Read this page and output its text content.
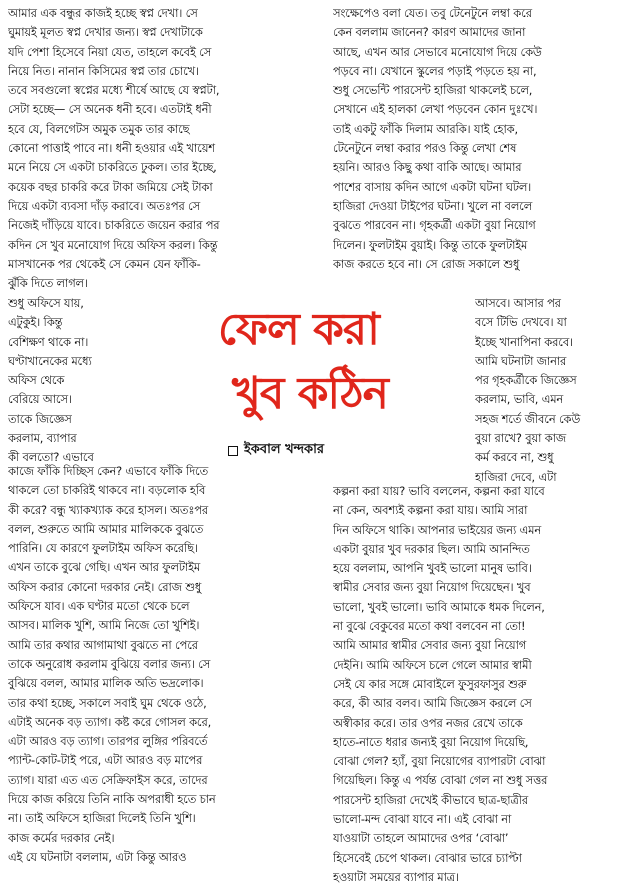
আমার এক বন্ধুর কাজই হচ্ছে স্বপ্ন দেখা। সে
ঘুমায়ই মূলত স্বপ্ন দেখার জন্য। স্বপ্ন দেখাটাকে
যদি পেশা হিসেবে নিয়া যেত, তাহলে কবেই সে
নিয়ে নিত। নানান কিসিমের স্বপ্ন তার চোখে।
তবে সবগুলো স্বপ্নের মধ্যে শীর্ষে আছে যে স্বপ্নটা,
সেটা হচ্ছে— সে অনেক ধনী হবে। এতটাই ধনী
হবে যে, বিলগেটস অমুক তমুক তার কাছে
কোনো পাত্তাই পাবে না। ধনী হওয়ার এই খায়েশ
মনে নিয়ে সে একটা চাকরিতে ঢুকল। তার ইচ্ছে,
কয়েক বছর চাকরি করে টাকা জমিয়ে সেই টাকা
দিয়ে একটা ব্যবসা দাঁড় করাবে। অতঃপর সে
নিজেই দাঁড়িয়ে যাবে। চাকরিতে জয়েন করার পর
কদিন সে খুব মনোযোগ দিয়ে অফিস করল। কিন্তু
মাসখানেক পর থেকেই সে কেমন যেন ফাঁকি-
ঝুঁকি দিতে লাগল।
শুধু অফিসে যায়,
এটুকুই। কিন্তু
বেশিক্ষণ থাকে না।
ঘণ্টাখানেকের মধ্যে
অফিস থেকে
বেরিয়ে আসে।
তাকে জিজ্ঞেস
করলাম, ব্যাপার
কী বলতো? এভাবে
কাজে ফাঁকি দিচ্ছিস কেন? এভাবে ফাঁকি দিতে
থাকলে তো চাকরিই থাকবে না। বড়লোক হবি
কী করে? বন্ধু খ্যাকখ্যাক করে হাসল। অতঃপর
বলল, শুরুতে আমি আমার মালিককে বুঝতে
পারিনি। যে কারণে ফুলটাইম অফিস করেছি।
এখন তাকে বুঝে গেছি। এখন আর ফুলটাইম
অফিস করার কোনো দরকার নেই। রোজ শুধু
অফিসে যাব। এক ঘণ্টার মতো থেকে চলে
আসব। মালিক খুশি, আমি নিজে তো খুশিই।
আমি তার কথার আগামাথা বুঝতে না পেরে
তাকে অনুরোধ করলাম বুঝিয়ে বলার জন্য। সে
বুঝিয়ে বলল, আমার মালিক অতি ভদ্রলোক।
তার কথা হচ্ছে, সকালে সবাই ঘুম থেকে ওঠে,
এটাই অনেক বড় ত্যাগ। কষ্ট করে গোসল করে,
এটা আরও বড় ত্যাগ। তারপর লুঙ্গির পরিবর্তে
প্যান্ট-কোট-টাই পরে, এটা আরও বড় মাপের
ত্যাগ। যারা এত এত সেক্রিফাইস করে, তাদের
দিয়ে কাজ করিয়ে তিনি নাকি অপরাধী হতে চান
না। তাই অফিসে হাজিরা দিলেই তিনি খুশি।
কাজ কর্মের দরকার নেই।
এই যে ঘটনাটা বললাম, এটা কিন্তু আরও
সংক্ষেপেও বলা যেত। তবু টেনেটুনে লম্বা করে
কেন বললাম জানেন? কারণ আমাদের জানা
আছে, এখন আর সেভাবে মনোযোগ দিয়ে কেউ
পড়বে না। যেখানে স্কুলের পড়াই পড়তে হয় না,
শুধু সেভেন্টি পারসেন্ট হাজিরা থাকলেই চলে,
সেখানে এই হালকা লেখা পড়বেন কোন দুঃখে।
তাই একটু ফাঁকি দিলাম আরকি। যাই হোক,
টেনেটুনে লম্বা করার পরও কিন্তু লেখা শেষ
হয়নি। আরও কিছু কথা বাকি আছে। আমার
পাশের বাসায় কদিন আগে একটা ঘটনা ঘটল।
হাজিরা দেওয়া টাইপের ঘটনা। খুলে না বললে
বুঝতে পারবেন না। গৃহকর্ত্রী একটা বুয়া নিয়োগ
দিলেন। ফুলটাইম বুয়াই। কিন্তু তাকে ফুলটাইম
কাজ করতে হবে না। সে রোজ সকালে শুধু
আসবে। আসার পর
বসে টিভি দেখবে। যা
ইচ্ছে খানাপিনা করবে।
আমি ঘটনাটা জানার
পর গৃহকর্ত্রীকে জিজ্ঞেস
করলাম, ভাবি, এমন
সহজ শর্তে জীবনে কেউ
বুয়া রাখে? বুয়া কাজ
কর্ম করবে না, শুধু
হাজিরা দেবে, এটা
কল্পনা করা যায়? ভাবি বললেন, কল্পনা করা যাবে
না কেন, অবশ্যই কল্পনা করা যায়। আমি সারা
দিন অফিসে থাকি। আপনার ভাইয়ের জন্য এমন
একটা বুয়ার খুব দরকার ছিল। আমি আনন্দিত
হয়ে বললাম, আপনি খুবই ভালো মানুষ ভাবি।
স্বামীর সেবার জন্য বুয়া নিয়োগ দিয়েছেন। খুব
ভালো, খুবই ভালো। ভাবি আমাকে ধমক দিলেন,
না বুঝে বেকুবের মতো কথা বলবেন না তো!
আমি আমার স্বামীর সেবার জন্য বুয়া নিয়োগ
দেইনি। আমি অফিসে চলে গেলে আমার স্বামী
সেই যে কার সঙ্গে মোবাইলে ফুসুরফাসুর শুরু
করে, কী আর বলব। আমি জিজ্ঞেস করলে সে
অস্বীকার করে। তার ওপর নজর রেখে তাকে
হাতে-নাতে ধরার জন্যই বুয়া নিয়োগ দিয়েছি,
বোঝা গেল? হ্যাঁ, বুয়া নিয়োগের ব্যাপারটা বোঝা
গিয়েছিল। কিন্তু এ পর্যন্ত বোঝা গেল না শুধু সত্তর
পারসেন্ট হাজিরা দেখেই কীভাবে ছাত্র-ছাত্রীর
ভালো-মন্দ বোঝা যাবে না। এই বোঝা না
যাওয়াটা তাহলে আমাদের ওপর ‘বোঝা’
হিসেবেই চেপে থাকল। বোঝার ভারে চ্যাপ্টা
হওয়াটা সময়ের ব্যাপার মাত্র।
ফেল করা
খুব কঠিন
ইকবাল খন্দকার
